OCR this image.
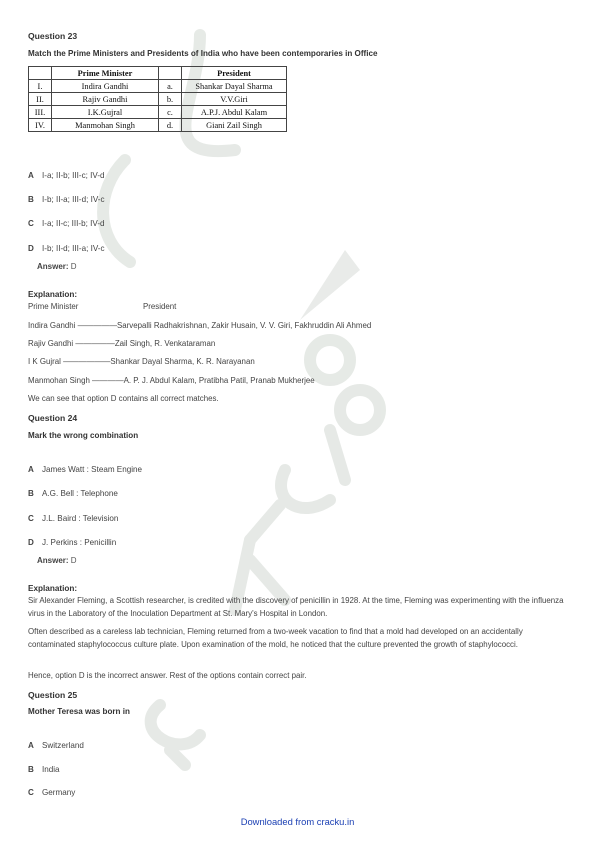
Question 23
Match the Prime Ministers and Presidents of India who have been contemporaries in Office
	Prime Minister		President
I.	Indira Gandhi	a.	Shankar Dayal Sharma
II.	Rajiv Gandhi	b.	V.V.Giri
III.	I.K.Gujral	c.	A.P.J. Abdul Kalam
IV.	Manmohan Singh	d.	Giani Zail Singh
A I-a; II-b; III-c; IV-d
B I-b; II-a; III-d; IV-c
C I-a; II-c; III-b; IV-d
D I-b; II-d; III-a; IV-c
Answer: D
Explanation:
Prime Minister	President
Indira Gandhi —————Sarvepalli Radhakrishnan, Zakir Husain, V. V. Giri, Fakhruddin Ali Ahmed
Rajiv Gandhi —————Zail Singh, R. Venkataraman
I K Gujral ——————Shankar Dayal Sharma, K. R. Narayanan
Manmohan Singh ————A. P. J. Abdul Kalam, Pratibha Patil, Pranab Mukherjee
We can see that option D contains all correct matches.
Question 24
Mark the wrong combination
A James Watt : Steam Engine
B A.G. Bell : Telephone
C J.L. Baird : Television
D J. Perkins : Penicillin
Answer: D
Explanation:
Sir Alexander Fleming, a Scottish researcher, is credited with the discovery of penicillin in 1928. At the time, Fleming was experimenting with the influenza virus in the Laboratory of the Inoculation Department at St. Mary's Hospital in London.
Often described as a careless lab technician, Fleming returned from a two-week vacation to find that a mold had developed on an accidentally contaminated staphylococcus culture plate. Upon examination of the mold, he noticed that the culture prevented the growth of staphylococci.
Hence, option D is the incorrect answer. Rest of the options contain correct pair.
Question 25
Mother Teresa was born in
A Switzerland
B India
C Germany
Downloaded from cracku.in
